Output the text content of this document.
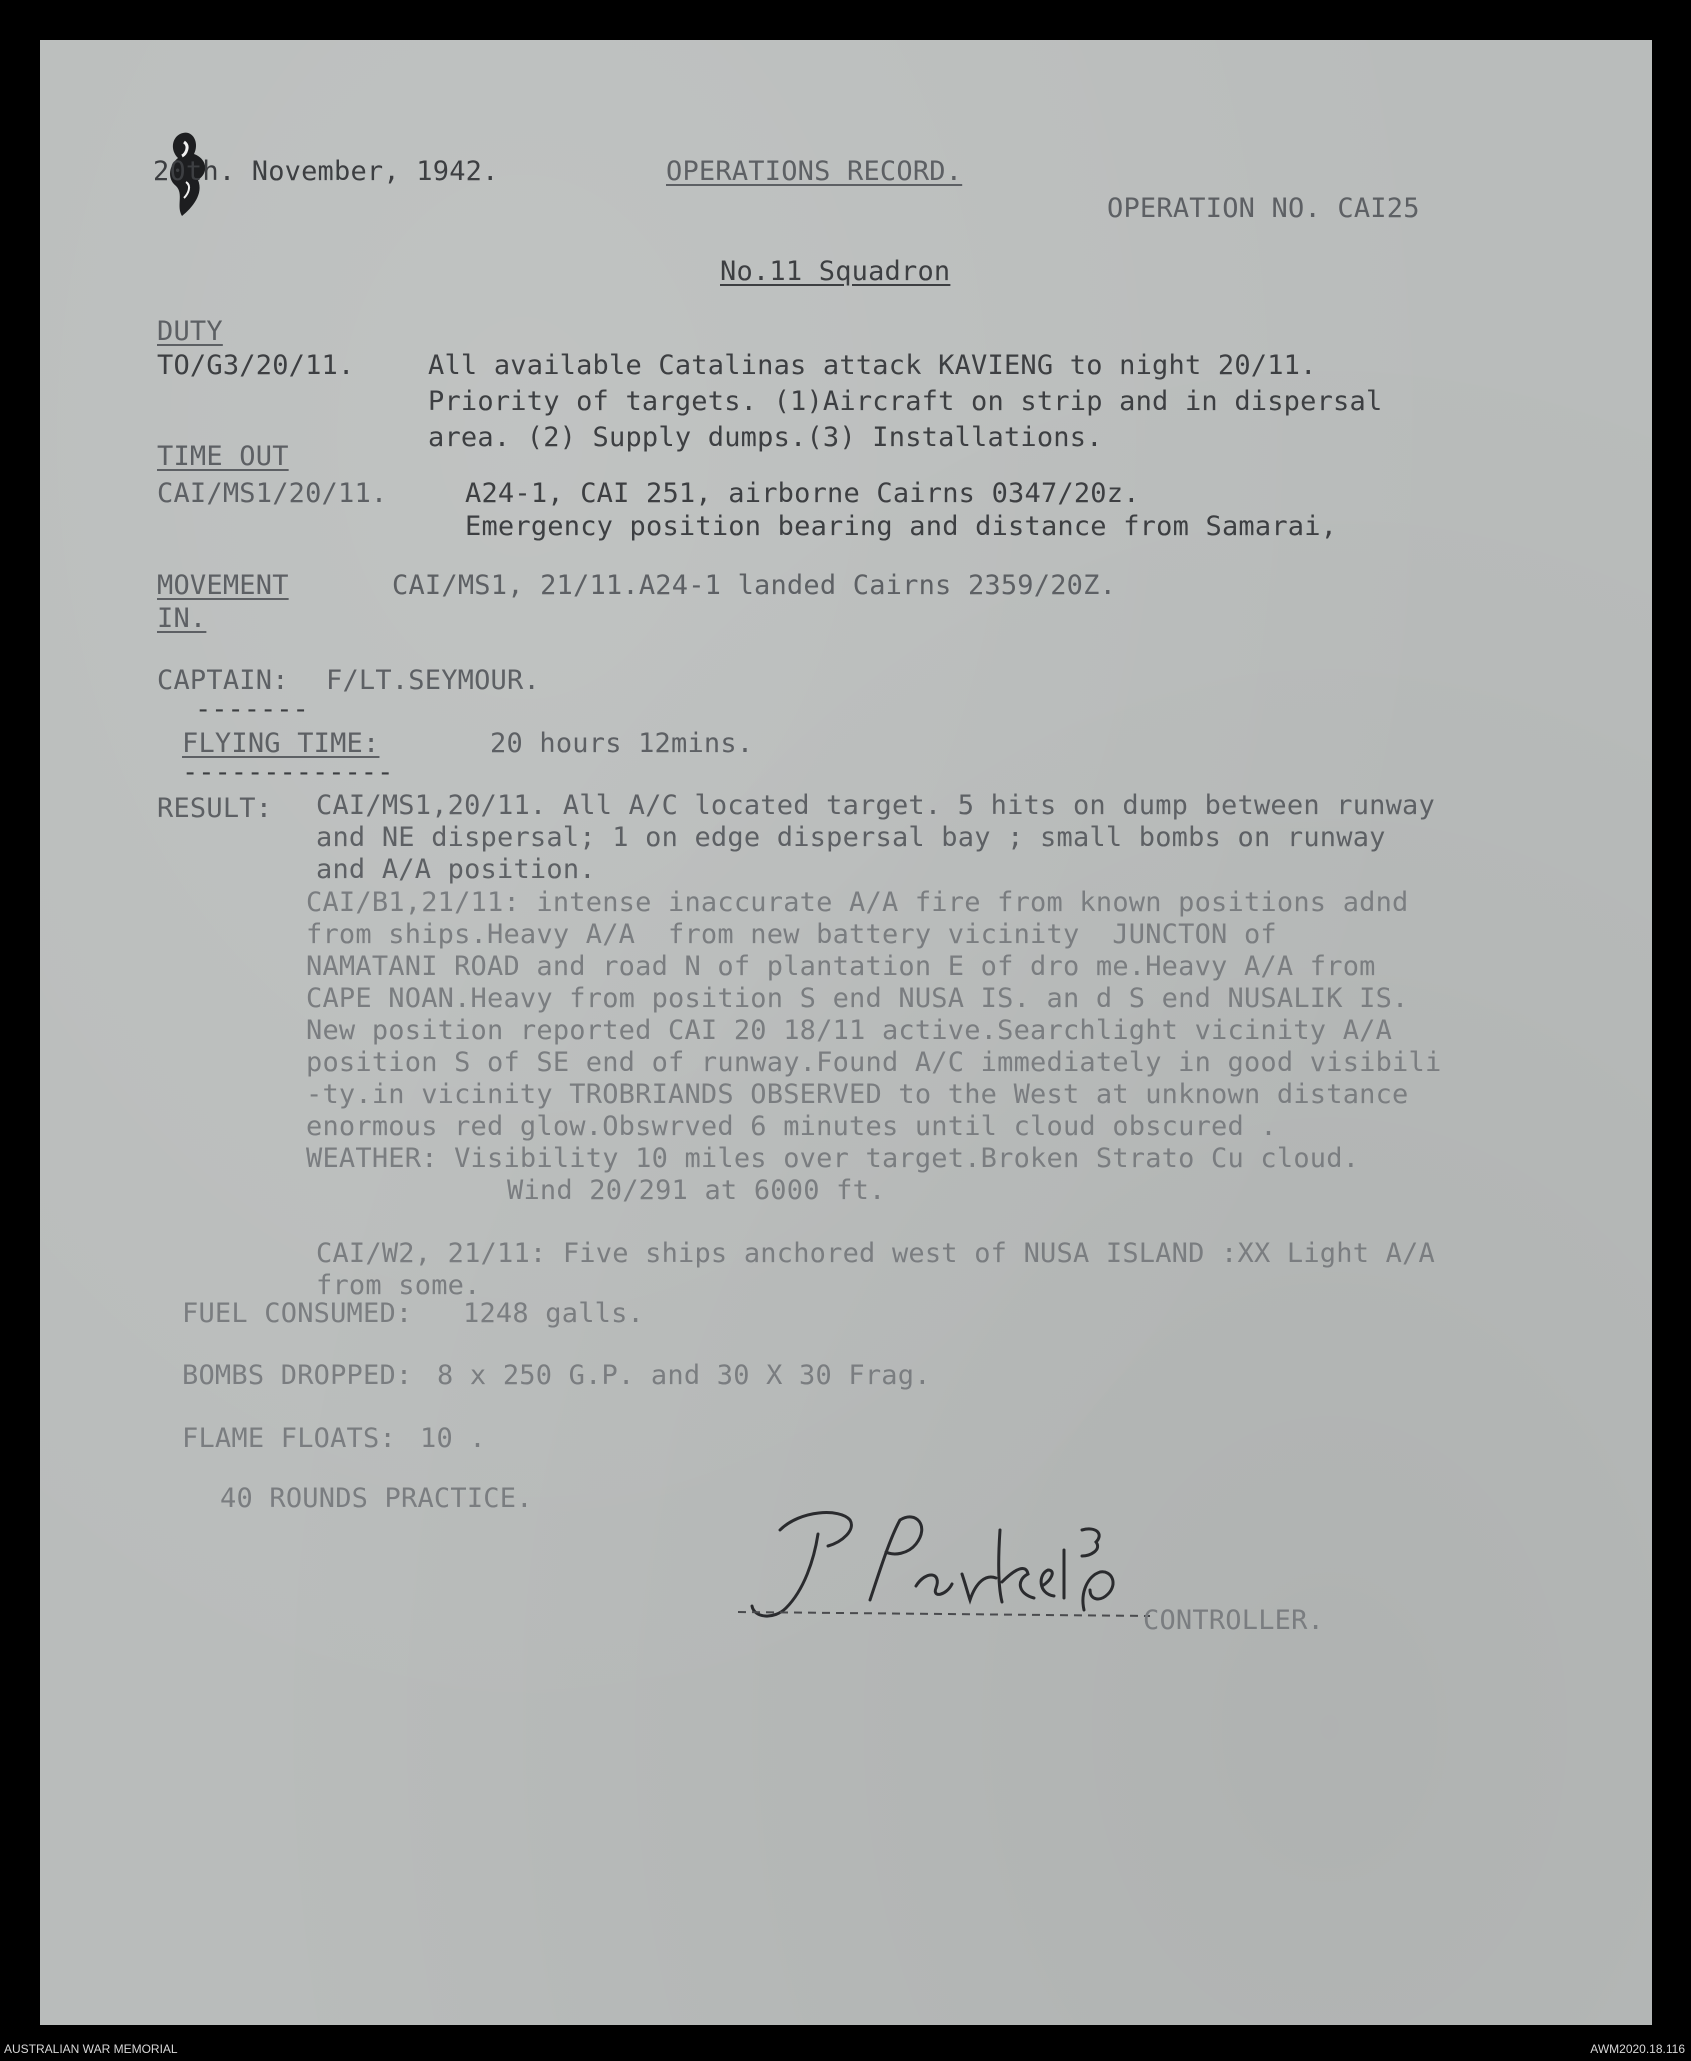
20th. November, 1942.	OPERATIONS RECORD.
OPERATION NO. CAI25
No.11 Squadron
DUTY
TO/G3/20/11.	All available Catalinas attack KAVIENG to night 20/11.
Priority of targets. (1)Aircraft on strip and in dispersal
area. (2) Supply dumps.(3) Installations.
TIME OUT
CAI/MS1/20/11.	A24-1, CAI 251, airborne Cairns 0347/20z.
Emergency position bearing and distance from Samarai,
MOVEMENT
IN.
CAI/MS1, 21/11.A24-1 landed Cairns 2359/20Z.
CAPTAIN: F/LT.SEYMOUR.
-------
FLYING TIME:	20 hours 12mins.
-------------
RESULT: CAI/MS1,20/11. All A/C located target. 5 hits on dump between runway
and NE dispersal; 1 on edge dispersal bay ; small bombs on runway
and A/A position.
CAI/B1,21/11: intense inaccurate A/A fire from known positions adnd
from ships.Heavy A/A  from new battery vicinity  JUNCTON of
NAMATANI ROAD and road N of plantation E of dro me.Heavy A/A from
CAPE NOAN.Heavy from position S end NUSA IS. an d S end NUSALIK IS.
New position reported CAI 20 18/11 active.Searchlight vicinity A/A
position S of SE end of runway.Found A/C immediately in good visibili
-ty.in vicinity TROBRIANDS OBSERVED to the West at unknown distance
enormous red glow.Obswrved 6 minutes until cloud obscured .
WEATHER: Visibility 10 miles over target.Broken Strato Cu cloud.
Wind 20/291 at 6000 ft.
CAI/W2, 21/11: Five ships anchored west of NUSA ISLAND :XX Light A/A
from some.
FUEL CONSUMED: 1248 galls.
BOMBS DROPPED: 8 x 250 G.P. and 30 X 30 Frag.
FLAME FLOATS: 10 .
40 ROUNDS PRACTICE.
CONTROLLER.
AUSTRALIAN WAR MEMORIAL	AWM2020.18.116
